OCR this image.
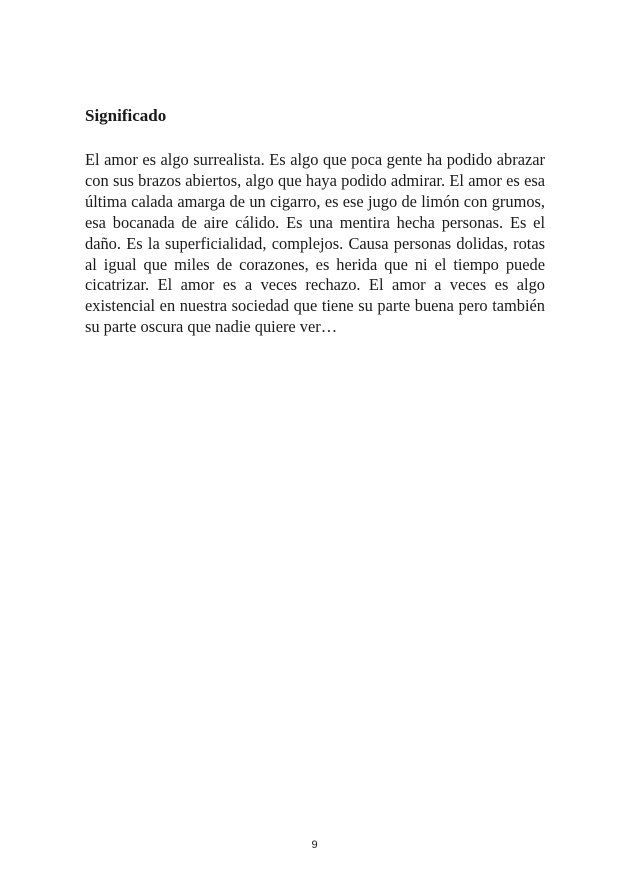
Significado

El amor es algo surrealista. Es algo que poca gente ha podido abrazar con sus brazos abiertos, algo que haya podido admirar. El amor es esa última calada amarga de un cigarro, es ese jugo de limón con grumos, esa bocanada de aire cálido. Es una mentira hecha personas. Es el daño. Es la superficialidad, complejos. Causa personas dolidas, rotas al igual que miles de corazones, es herida que ni el tiempo puede cicatrizar. El amor es a veces rechazo. El amor a veces es algo existencial en nuestra sociedad que tiene su parte buena pero también su parte oscura que nadie quiere ver…

9
